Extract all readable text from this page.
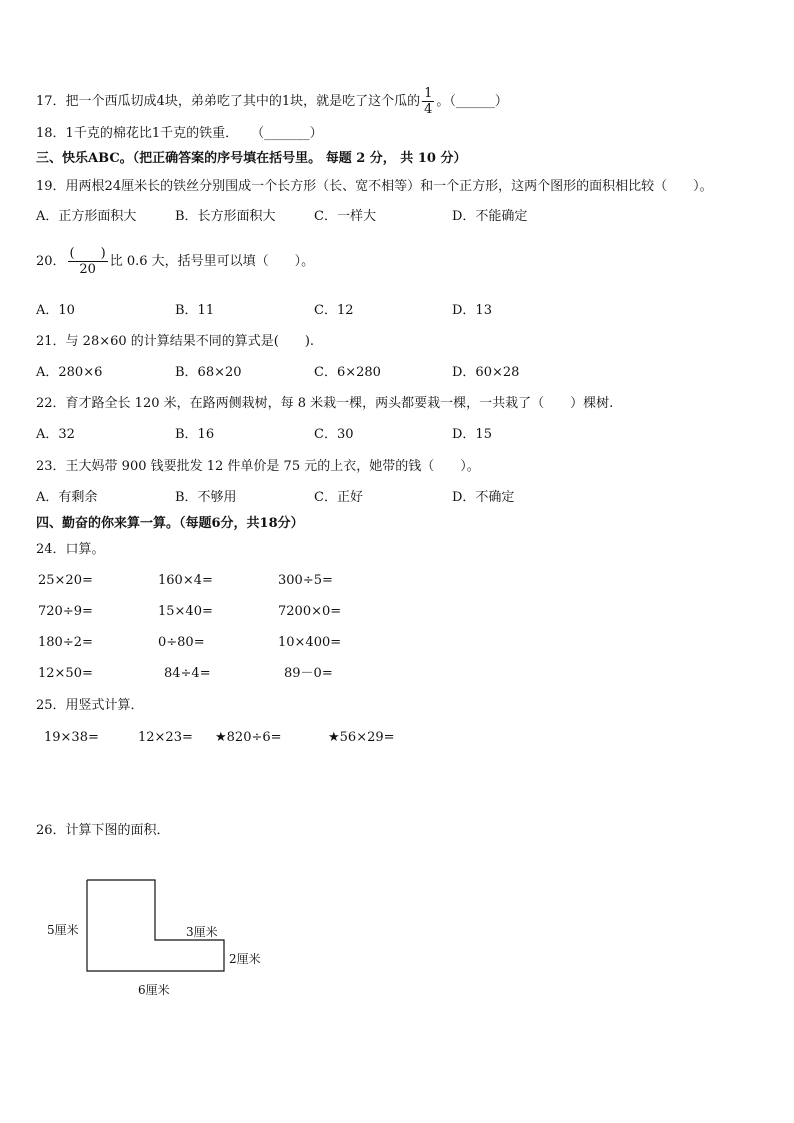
17．把一个西瓜切成4块，弟弟吃了其中的1块，就是吃了这个瓜的 $\frac{1}{4}$ 。（______）
18．1千克的棉花比1千克的铁重．　　（_______）
三、快乐ABC。（把正确答案的序号填在括号里。 每题 2 分， 共 10 分）
19．用两根24厘米长的铁丝分别围成一个长方形（长、宽不相等）和一个正方形，这两个图形的面积相比较（　　）。
A．正方形面积大	B．长方形面积大	C．一样大	D．不能确定
20． $\frac{( )}{20}$ 比 0.6 大，括号里可以填（　　）。
A．10	B．11	C．12	D．13
21．与 28×60 的计算结果不同的算式是(　　).
A．280×6	B．68×20	C．6×280	D．60×28
22．育才路全长 120 米，在路两侧栽树，每 8 米栽一棵，两头都要栽一棵，一共栽了（　　）棵树.
A．32	B．16	C．30	D．15
23．王大妈带 900 钱要批发 12 件单价是 75 元的上衣，她带的钱（　　）。
A．有剩余	B．不够用	C．正好	D．不确定
四、勤奋的你来算一算。（每题6分，共18分）
24．口算。
25×20=	160×4=	300÷5=
720÷9=	15×40=	7200×0=
180÷2=	0÷80=	10×400=
12×50=	84÷4=	89－0=
25．用竖式计算．
19×38=	12×23= ★820÷6=	★56×29=
26．计算下图的面积．
5厘米	3厘米
2厘米
6厘米
